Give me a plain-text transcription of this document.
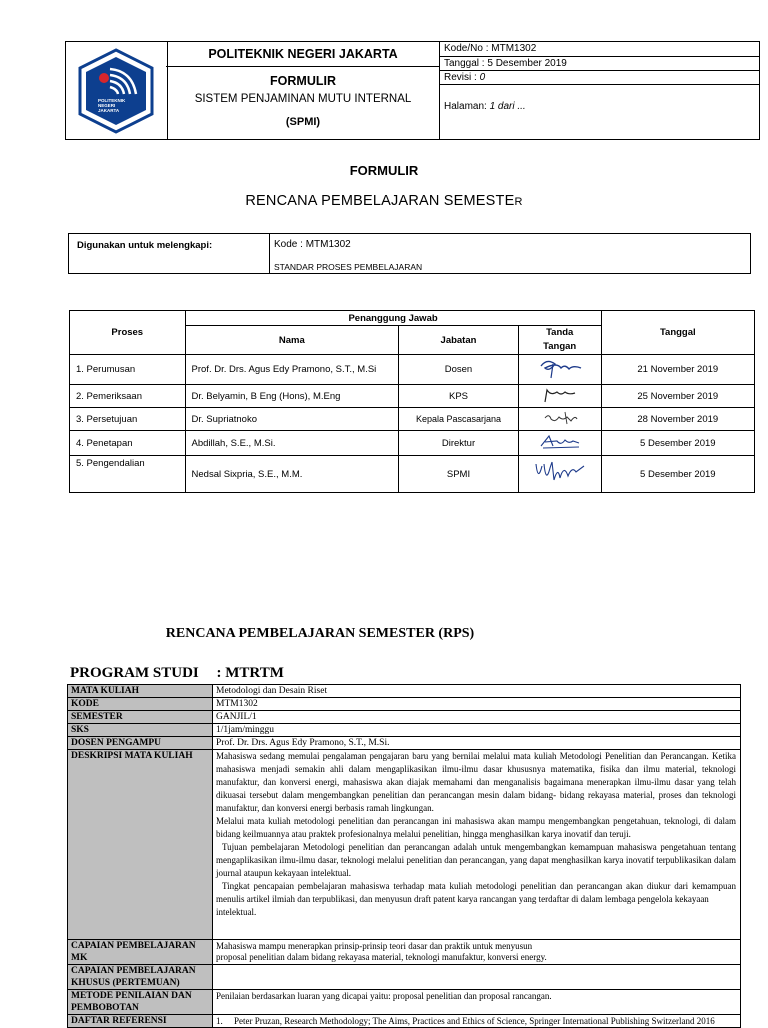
POLITEKNIK NEGERI JAKARTA
POLITEKNIK NEGERI JAKARTA
FORMULIR
SISTEM PENJAMINAN MUTU INTERNAL
(SPMI)
Kode/No : MTM1302
Tanggal : 5 Desember 2019
Revisi : 0
Halaman: 1 dari ...
FORMULIR
RENCANA PEMBELAJARAN SEMESTER
Digunakan untuk melengkapi:	Kode : MTM1302
STANDAR PROSES PEMBELAJARAN
Proses	Penanggung Jawab			Tanggal
	Nama	Jabatan	Tanda
Tangan	
1. Perumusan	Prof. Dr. Drs. Agus Edy Pramono, S.T., M.Si	Dosen		21 November 2019
2. Pemeriksaan	Dr. Belyamin, B Eng (Hons), M.Eng	KPS		25 November 2019
3. Persetujuan	Dr. Supriatnoko	Kepala Pascasarjana		28 November 2019
4. Penetapan	Abdillah, S.E., M.Si.	Direktur		5 Desember 2019
5. Pengendalian	Nedsal Sixpria, S.E., M.M.	SPMI		5 Desember 2019
RENCANA PEMBELAJARAN SEMESTER (RPS)
PROGRAM STUDI : MTRTM
MATA KULIAH	Metodologi dan Desain Riset
KODE	MTM1302
SEMESTER	GANJIL/1
SKS	1/1jam/minggu
DOSEN PENGAMPU	Prof. Dr. Drs. Agus Edy Pramono, S.T., M.Si.
DESKRIPSI MATA KULIAH	Mahasiswa sedang memulai pengalaman pengajaran baru yang bernilai melalui mata kuliah Metodologi Penelitian dan Perancangan. Ketika mahasiswa menjadi semakin ahli dalam mengaplikasikan ilmu-ilmu dasar khususnya matematika, fisika dan ilmu material, teknologi manufaktur, dan konversi energi, mahasiswa akan diajak memahami dan menganalisis bagaimana menerapkan ilmu-ilmu dasar yang telah dikuasai tersebut dalam mengembangkan penelitian dan perancangan mesin dalam bidang- bidang rekayasa material, proses dan teknologi manufaktur, dan konversi energi berbasis ramah lingkungan.

Melalui mata kuliah metodologi penelitian dan perancangan ini mahasiswa akan mampu mengembangkan pengetahuan, teknologi, di dalam bidang keilmuannya atau praktek profesionalnya melalui penelitian, hingga menghasilkan karya inovatif dan teruji.

Tujuan pembelajaran Metodologi penelitian dan perancangan adalah untuk mengembangkan kemampuan mahasiswa pengetahuan tentang mengaplikasikan ilmu-ilmu dasar, teknologi melalui penelitian dan perancangan, yang dapat menghasilkan karya inovatif terpublikasikan dalam journal ataupun kekayaan intelektual.

Tingkat pencapaian pembelajaran mahasiswa terhadap mata kuliah metodologi penelitian dan perancangan akan diukur dari kemampuan menulis artikel ilmiah dan terpublikasi, dan menyusun draft patent karya rancangan yang terdaftar di dalam lembaga pengelola kekayaan

intelektual.

CAPAIAN PEMBELAJARAN MK	Mahasiswa mampu menerapkan prinsip-prinsip teori dasar dan praktik untuk menyusun
proposal penelitian dalam bidang rekayasa material, teknologi manufaktur, konversi energy.
CAPAIAN PEMBELAJARAN KHUSUS (PERTEMUAN)	
METODE PENILAIAN DAN PEMBOBOTAN	Penilaian berdasarkan luaran yang dicapai yaitu: proposal penelitian dan proposal rancangan.
DAFTAR REFERENSI	1. Peter Pruzan, Research Methodology; The Aims, Practices and Ethics of Science, Springer International Publishing Switzerland 2016
